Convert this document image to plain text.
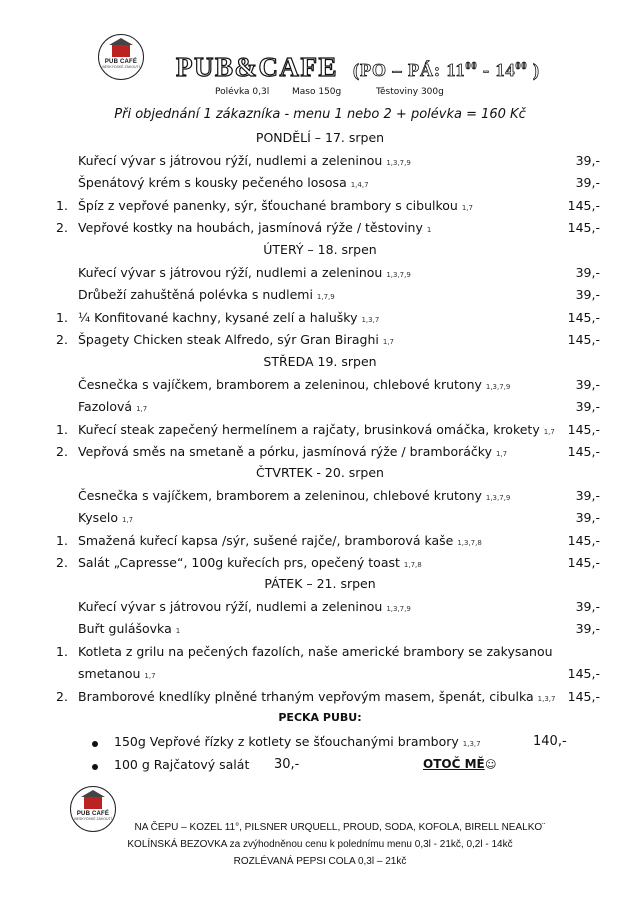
PUB CAFÉ
BESKYDSKÉ ZÁKOUTÍ
PUB CAFÉ
BESKYDSKÉ ZÁKOUTÍ
PUB&CAFE (PO – PÁ: $11^{00} - 14^{00}$ )
Polévka 0,3l	Maso 150g	Těstoviny 300g
Při objednání 1 zákazníka - menu 1 nebo 2 + polévka = 160 Kč
PONDĚLÍ – 17. srpen
Kuřecí vývar s játrovou rýží, nudlemi a zeleninou 1,3,7,9	39,-
Špenátový krém s kousky pečeného lososa 1,4,7	39,-
1. Špíz z vepřové panenky, sýr, šťouchané brambory s cibulkou 1,7	145,-
2. Vepřové kostky na houbách, jasmínová rýže / těstoviny 1	145,-
ÚTERÝ – 18. srpen
Kuřecí vývar s játrovou rýží, nudlemi a zeleninou 1,3,7,9	39,-
Drůbeží zahuštěná polévka s nudlemi 1,7,9	39,-
1. ¼ Konfitované kachny, kysané zelí a halušky 1,3,7	145,-
2. Špagety Chicken steak Alfredo, sýr Gran Biraghi 1,7	145,-
STŘEDA 19. srpen
Česnečka s vajíčkem, bramborem a zeleninou, chlebové krutony 1,3,7,9	39,-
Fazolová 1,7	39,-
1. Kuřecí steak zapečený hermelínem a rajčaty, brusinková omáčka, krokety 1,7 145,-
2. Vepřová směs na smetaně a pórku, jasmínová rýže / bramboráčky 1,7	145,-
ČTVRTEK - 20. srpen
Česnečka s vajíčkem, bramborem a zeleninou, chlebové krutony 1,3,7,9	39,-
Kyselo 1,7	39,-
1. Smažená kuřecí kapsa /sýr, sušené rajče/, bramborová kaše 1,3,7,8	145,-
2. Salát „Capresse“, 100g kuřecích prs, opečený toast 1,7,8	145,-
PÁTEK – 21. srpen
Kuřecí vývar s játrovou rýží, nudlemi a zeleninou 1,3,7,9	39,-
Buřt gulášovka 1	39,-
1. Kotleta z grilu na pečených fazolích, naše americké brambory se zakysanou
smetanou 1,7	145,-
2. Bramborové knedlíky plněné trhaným vepřovým masem, špenát, cibulka 1,3,7 145,-
PECKA PUBU:
150g Vepřové řízky z kotlety se šťouchanými brambory 1,3,7	140,-
100 g Rajčatový salát 30,-	OTOČ MĚ ☺
NA ČEPU – KOZEL 11°, PILSNER URQUELL, PROUD, SODA, KOFOLA, BIRELL NEALKO¨
KOLÍNSKÁ BEZOVKA za zvýhodněnou cenu k polednímu menu 0,3l - 21kč, 0,2l - 14kč
ROZLÉVANÁ PEPSI COLA 0,3l – 21kč
